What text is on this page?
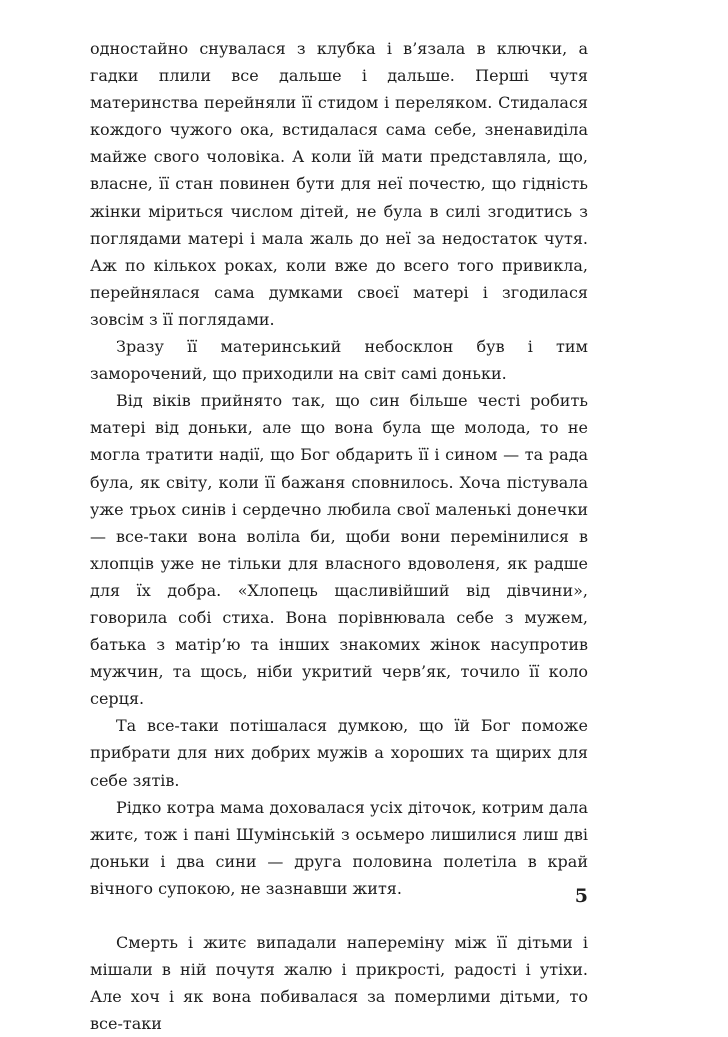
одностайно снувалася з клубка і в’язала в ключки, а гадки плили все дальше і дальше. Перші чутя материнства перейняли її стидом і переляком. Стидалася кождого чужого ока, встидалася сама себе, зненавиділа майже свого чоловіка. А коли їй мати представляла, що, власне, її стан повинен бути для неї почестю, що гідність жінки міриться числом дітей, не була в силі згодитись з поглядами матері і мала жаль до неї за недостаток чутя. Аж по кількох роках, коли вже до всего того привикла, перейнялася сама думками своєї матері і згодилася зовсім з її поглядами.

Зразу її материнський небосклон був і тим заморочений, що приходили на світ самі доньки.

Від віків прийнято так, що син більше честі робить матері від доньки, але що вона була ще молода, то не могла тратити надії, що Бог обдарить її і сином — та рада була, як світу, коли її бажаня сповнилось. Хоча пістувала уже трьох синів і сердечно любила свої маленькі донечки — все-таки вона воліла би, щоби вони перемінилися в хлопців уже не тільки для власного вдоволеня, як радше для їх добра. «Хлопець щасливійший від дівчини», говорила собі стиха. Вона порівнювала себе з мужем, батька з матір’ю та інших знакомих жінок насупротив мужчин, та щось, ніби укритий черв’як, точило її коло серця.

Та все-таки потішалася думкою, що їй Бог поможе прибрати для них добрих мужів а хороших та щирих для себе зятів.

Рідко котра мама доховалася усіх діточок, котрим дала житє, тож і пані Шумінській з осьмеро лишилися лиш дві доньки і два сини — друга половина полетіла в край вічного супокою, не зазнавши житя.

Смерть і житє випадали напереміну між її дітьми і мішали в ній почутя жалю і прикрості, радості і утіхи. Але хоч і як вона побивалася за померлими дітьми, то все-таки

5
